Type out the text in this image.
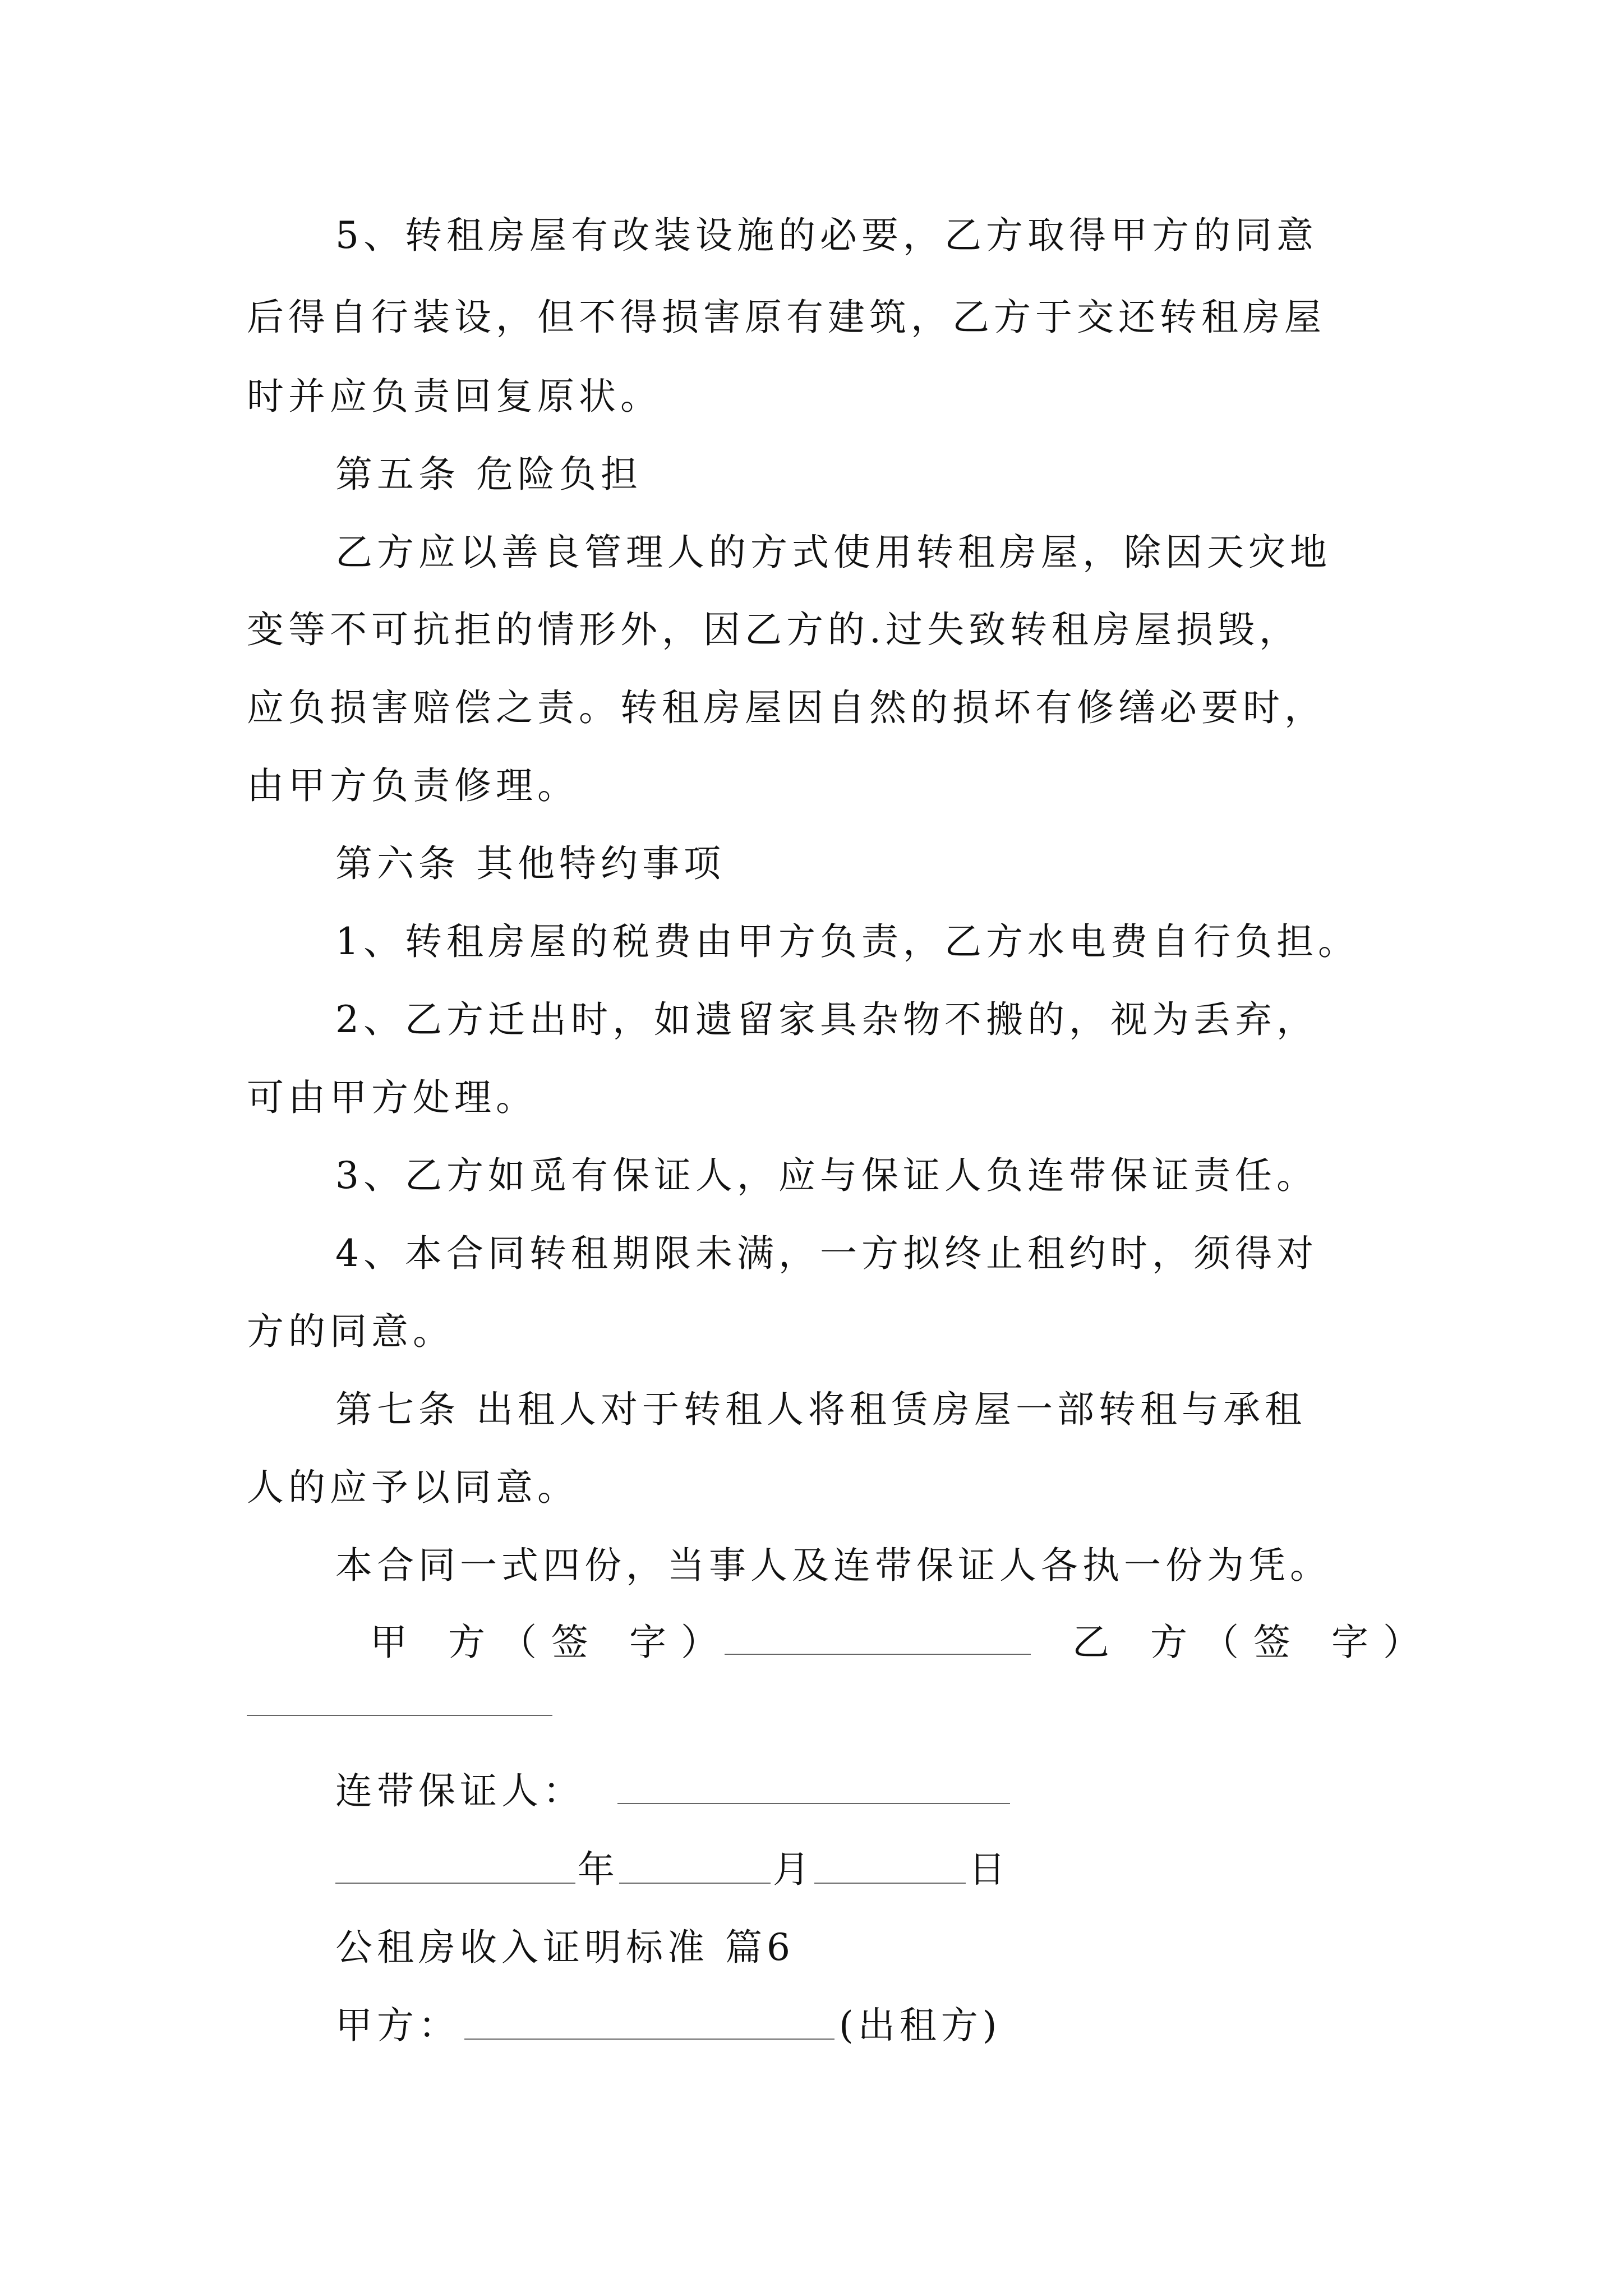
5、转租房屋有改装设施的必要，乙方取得甲方的同意
后得自行装设，但不得损害原有建筑，乙方于交还转租房屋
时并应负责回复原状。
第五条 危险负担
乙方应以善良管理人的方式使用转租房屋，除因天灾地
变等不可抗拒的情形外，因乙方的.过失致转租房屋损毁，
应负损害赔偿之责。转租房屋因自然的损坏有修缮必要时，
由甲方负责修理。
第六条 其他特约事项
1、转租房屋的税费由甲方负责，乙方水电费自行负担。
2、乙方迁出时，如遗留家具杂物不搬的，视为丢弃，
可由甲方处理。
3、乙方如觅有保证人，应与保证人负连带保证责任。
4、本合同转租期限未满，一方拟终止租约时，须得对
方的同意。
第七条 出租人对于转租人将租赁房屋一部转租与承租
人的应予以同意。
本合同一式四份，当事人及连带保证人各执一份为凭。
甲 方（签 字）	乙 方（签 字）
连带保证人：
年	月	日
公租房收入证明标准 篇6
甲方：	(出租方)
